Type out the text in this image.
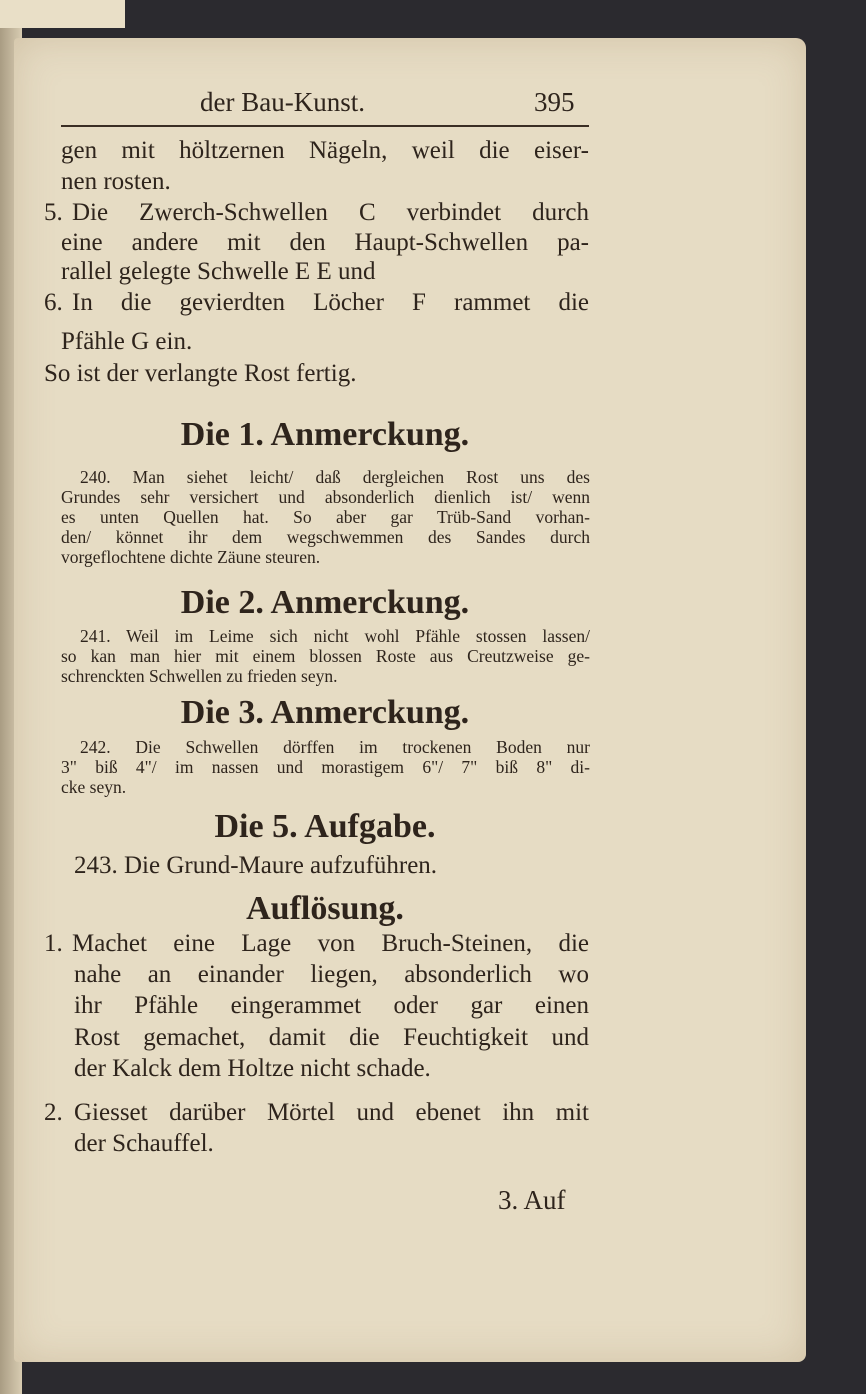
der Bau-Kunst.	395
gen mit höltzernen Nägeln, weil die eiser-
nen rosten.
5. Die Zwerch-Schwellen C verbindet durch
eine andere mit den Haupt-Schwellen pa-
rallel gelegte Schwelle E E und
6. In die gevierdten Löcher F rammet die
Pfähle G ein.
So ist der verlangte Rost fertig.
Die 1. Anmerckung.
240. Man siehet leicht/ daß dergleichen Rost uns des
Grundes sehr versichert und absonderlich dienlich ist/ wenn
es unten Quellen hat. So aber gar Trüb-Sand vorhan-
den/ könnet ihr dem wegschwemmen des Sandes durch
vorgeflochtene dichte Zäune steuren.
Die 2. Anmerckung.
241. Weil im Leime sich nicht wohl Pfähle stossen lassen/
so kan man hier mit einem blossen Roste aus Creutzweise ge-
schrenckten Schwellen zu frieden seyn.
Die 3. Anmerckung.
242. Die Schwellen dörffen im trockenen Boden nur
3" biß 4"/ im nassen und morastigem 6"/ 7" biß 8" di-
cke seyn.
Die 5. Aufgabe.
243. Die Grund-Maure aufzuführen.
Auflösung.
1. Machet eine Lage von Bruch-Steinen, die
nahe an einander liegen, absonderlich wo
ihr Pfähle eingerammet oder gar einen
Rost gemachet, damit die Feuchtigkeit und
der Kalck dem Holtze nicht schade.
2. Giesset darüber Mörtel und ebenet ihn mit
der Schauffel.
3. Auf
